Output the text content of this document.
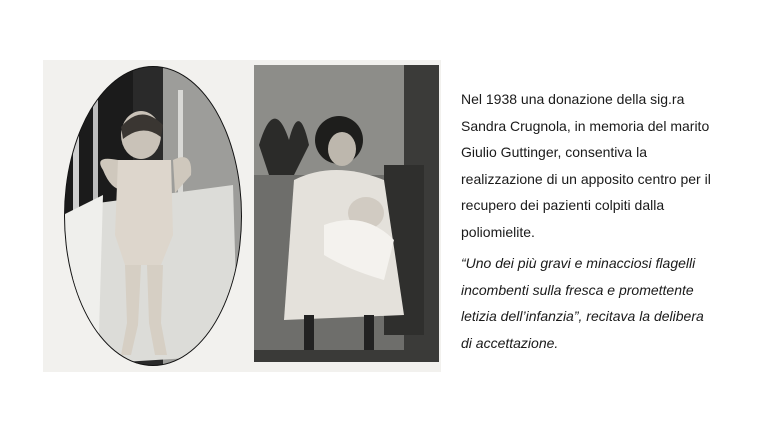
Nel 1938 una donazione della sig.ra
Sandra Crugnola, in memoria del marito
Giulio Guttinger, consentiva la
realizzazione di un apposito centro per il
recupero dei pazienti colpiti dalla
poliomielite.

“Uno dei più gravi e minacciosi flagelli
incombenti sulla fresca e promettente
letizia dell’infanzia”, recitava la delibera
di accettazione.
